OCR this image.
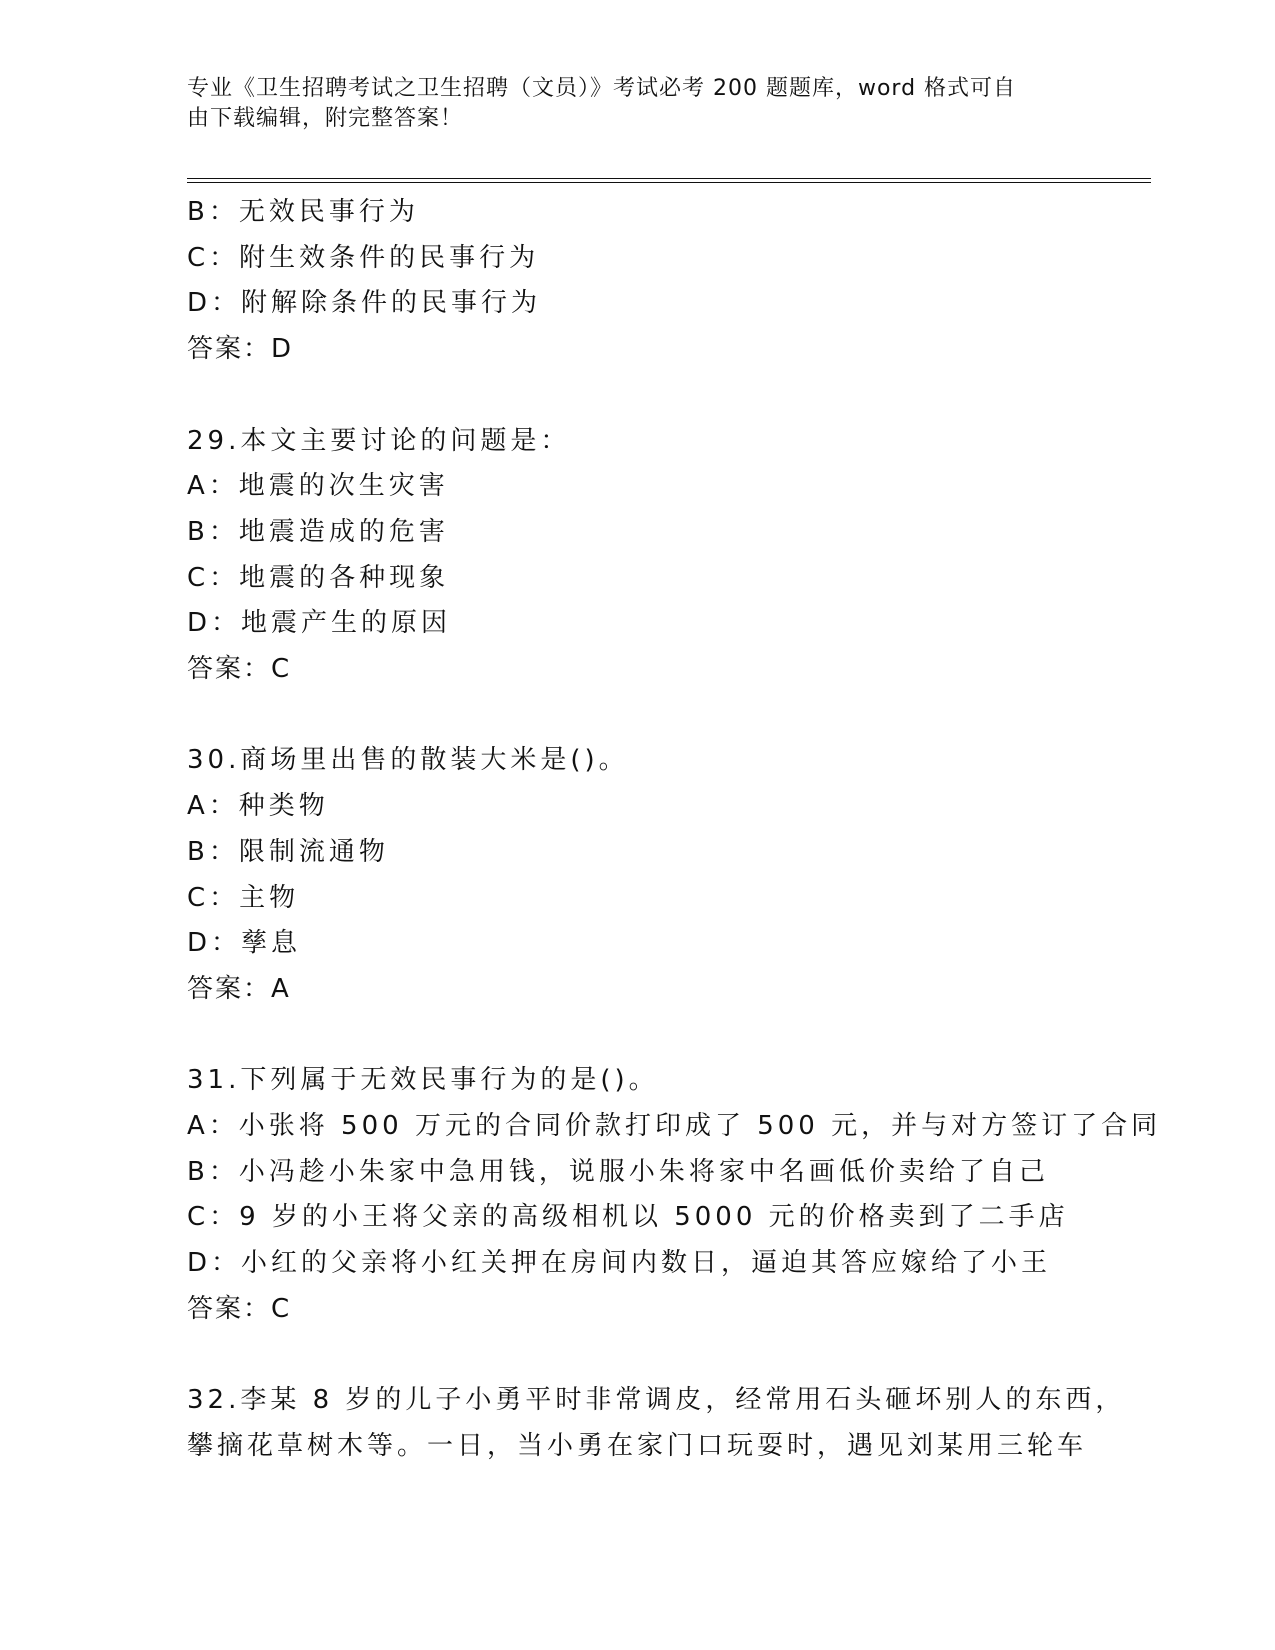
专业《卫生招聘考试之卫生招聘（文员）》考试必考 200 题题库，word 格式可自
由下载编辑，附完整答案！

B：无效民事行为

C：附生效条件的民事行为

D：附解除条件的民事行为

答案：D

29.本文主要讨论的问题是：

A：地震的次生灾害

B：地震造成的危害

C：地震的各种现象

D：地震产生的原因

答案：C

30.商场里出售的散装大米是()。

A：种类物

B：限制流通物

C：主物

D：孳息

答案：A

31.下列属于无效民事行为的是()。

A：小张将 500 万元的合同价款打印成了 500 元，并与对方签订了合同

B：小冯趁小朱家中急用钱，说服小朱将家中名画低价卖给了自己

C：9 岁的小王将父亲的高级相机以 5000 元的价格卖到了二手店

D：小红的父亲将小红关押在房间内数日，逼迫其答应嫁给了小王

答案：C

32.李某 8 岁的儿子小勇平时非常调皮，经常用石头砸坏别人的东西，

攀摘花草树木等。一日，当小勇在家门口玩耍时，遇见刘某用三轮车
